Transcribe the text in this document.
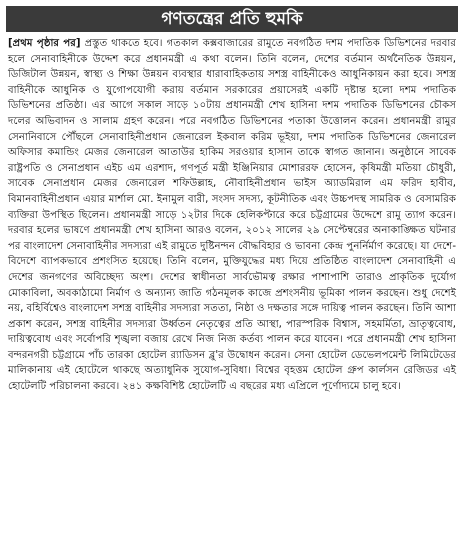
গণতন্ত্রের প্রতি হুমকি

[প্রথম পৃষ্ঠার পর] প্রস্তুত থাকতে হবে। গতকাল কক্সবাজারের রামুতে নবগঠিত দশম পদাতিক ডিভিশনের দরবার হলে সেনাবাহিনীকে উদ্দেশ করে প্রধানমন্ত্রী এ কথা বলেন। তিনি বলেন, দেশের বর্তমান অর্থনৈতিক উন্নয়ন, ডিজিটাল উন্নয়ন, স্বাস্থ্য ও শিক্ষা উন্নয়ন ব্যবস্থার ধারাবাহিকতায় সশস্ত্র বাহিনীকেও আধুনিকায়ন করা হবে। সশস্ত্র বাহিনীকে আধুনিক ও যুগোপযোগী করায় বর্তমান সরকারের প্রয়াসেরই একটি দৃষ্টান্ত হলো দশম পদাতিক ডিভিশনের প্রতিষ্ঠা। এর আগে সকাল সাড়ে ১০টায় প্রধানমন্ত্রী শেখ হাসিনা দশম পদাতিক ডিভিশনের চৌকস দলের অভিবাদন ও সালাম গ্রহণ করেন। পরে নবগঠিত ডিভিশনের পতাকা উত্তোলন করেন। প্রধানমন্ত্রী রামুর সেনানিবাসে পৌঁছলে সেনাবাহিনীপ্রধান জেনারেল ইকবাল করিম ভূইয়া, দশম পদাতিক ডিভিশনের জেনারেল অফিসার কমান্ডিং মেজর জেনারেল আতাউর হাকিম সরওয়ার হাসান তাকে স্বাগত জানান। অনুষ্ঠানে সাবেক রাষ্ট্রপতি ও সেনাপ্রধান এইচ এম এরশাদ, গণপূর্ত মন্ত্রী ইঞ্জিনিয়ার মোশাররফ হোসেন, কৃষিমন্ত্রী মতিয়া চৌধুরী, সাবেক সেনাপ্রধান মেজর জেনারেল শফিউল্লাহ, নৌবাহিনীপ্রধান ভাইস অ্যাডমিরাল এম ফরিদ হাবীব, বিমানবাহিনীপ্রধান এয়ার মার্শাল মো. ইনামুল বারী, সংসদ সদস্য, কূটনীতিক এবং উচ্চপদস্থ সামরিক ও বেসামরিক ব্যক্তিরা উপস্থিত ছিলেন। প্রধানমন্ত্রী সাড়ে ১২টার দিকে হেলিকপ্টারে করে চট্টগ্রামের উদ্দেশে রামু ত্যাগ করেন। দরবার হলের ভাষণে প্রধানমন্ত্রী শেখ হাসিনা আরও বলেন, ২০১২ সালের ২৯ সেপ্টেম্বরের অনাকাঙ্ক্ষিত ঘটনার পর বাংলাদেশ সেনাবাহিনীর সদস্যরা এই রামুতে দুষ্টিনন্দন বৌদ্ধবিহার ও ভাবনা কেন্দ্র পুনর্নির্মাণ করেছে। যা দেশে-বিদেশে ব্যাপকভাবে প্রশংসিত হয়েছে। তিনি বলেন, মুক্তিযুদ্ধের মধ্য দিয়ে প্রতিষ্ঠিত বাংলাদেশ সেনাবাহিনী এ দেশের জনগণের অবিচ্ছেদ্য অংশ। দেশের স্বাধীনতা সার্বভৌমত্ব রক্ষার পাশাপাশি তারাও প্রাকৃতিক দুর্যোগ মোকাবিলা, অবকাঠামো নির্মাণ ও অন্যান্য জাতি গঠনমূলক কাজে প্রশংসনীয় ভূমিকা পালন করছেন। শুধু দেশেই নয়, বহির্বিশ্বেও বাংলাদেশ সশস্ত্র বাহিনীর সদস্যরা সততা, নিষ্ঠা ও দক্ষতার সঙ্গে দায়িত্ব পালন করছেন। তিনি আশা প্রকাশ করেন, সশস্ত্র বাহিনীর সদস্যরা উর্ধ্বতন নেতৃত্বের প্রতি আস্থা, পারস্পরিক বিশ্বাস, সহমর্মিতা, ভ্রাতৃত্ববোধ, দায়িত্ববোধ এবং সর্বোপরি শৃঙ্খলা বজায় রেখে নিজ নিজ কর্তব্য পালন করে যাবেন। পরে প্রধানমন্ত্রী শেখ হাসিনা বন্দরনগরী চট্টগ্রামে পাঁচ তারকা হোটেল র‍্যাডিসন ব্লু'র উদ্বোধন করেন। সেনা হোটেল ডেভেলপমেন্ট লিমিটেডের মালিকানায় এই হোটেলে থাকছে অত্যাধুনিক সুযোগ-সুবিধা। বিশ্বের বৃহত্তম হোটেল গ্রুপ কার্লসন রেজিডর এই হোটেলটি পরিচালনা করবে। ২৪১ কক্ষবিশিষ্ট হোটেলটি এ বছরের মধ্য এপ্রিলে পূর্ণোদ্যমে চালু হবে।
